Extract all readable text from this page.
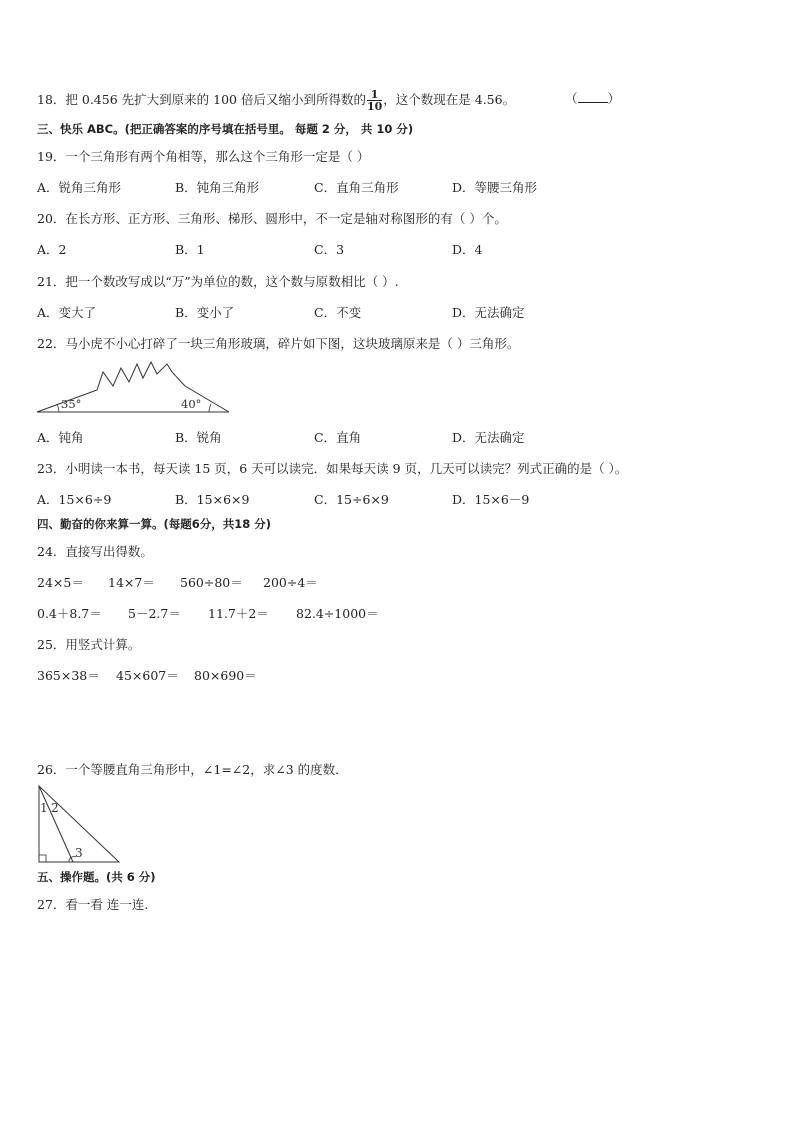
18．把 0.456 先扩大到原来的 100 倍后又缩小到所得数的 $\frac{1}{10}$ ，这个数现在是 4.56。	（ ）
三、快乐 ABC。(把正确答案的序号填在括号里。 每题 2 分， 共 10 分)
19．一个三角形有两个角相等，那么这个三角形一定是（ ）
A．锐角三角形	B．钝角三角形	C．直角三角形	D．等腰三角形
20．在长方形、正方形、三角形、梯形、圆形中，不一定是轴对称图形的有（ ）个。
A．2	B．1	C．3	D．4
21．把一个数改写成以“万”为单位的数，这个数与原数相比（ ）.
A．变大了	B．变小了	C．不变	D．无法确定
22．马小虎不小心打碎了一块三角形玻璃，碎片如下图，这块玻璃原来是（ ）三角形。
35°	40°
A．钝角	B．锐角	C．直角	D．无法确定
23．小明读一本书，每天读 15 页，6 天可以读完．如果每天读 9 页，几天可以读完？列式正确的是（ ）。
A．15×6÷9	B．15×6×9	C．15÷6×9	D．15×6－9
四、勤奋的你来算一算。(每题6分，共18 分)
24．直接写出得数。
24×5＝ 14×7＝ 560÷80＝ 200÷4＝
0.4＋8.7＝ 5－2.7＝ 11.7＋2＝ 82.4÷1000＝
25．用竖式计算。
365×38＝ 45×607＝ 80×690＝
26．一个等腰直角三角形中，∠1=∠2，求∠3 的度数．
1 2
3
五、操作题。(共 6 分)
27．看一看 连一连.
